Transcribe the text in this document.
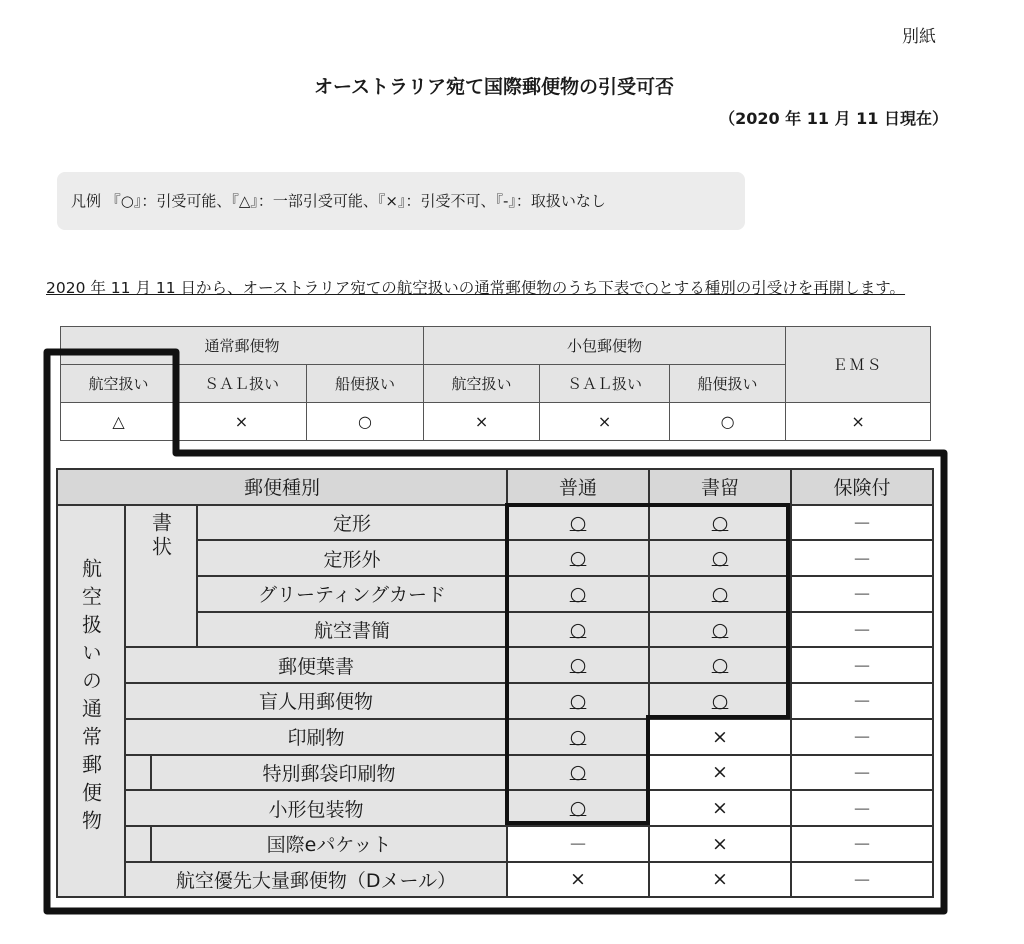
別紙
オーストラリア宛て国際郵便物の引受可否
（2020 年 11 月 11 日現在）
凡例 『○』：引受可能、『△』：一部引受可能、『×』：引受不可、『-』：取扱いなし
2020 年 11 月 11 日から、オーストラリア宛ての航空扱いの通常郵便物のうち下表で○とする種別の引受けを再開します。
通常郵便物			小包郵便物			ＥＭＳ
航空扱い	ＳＡＬ扱い	船便扱い	航空扱い	ＳＡＬ扱い	船便扱い	
△	×	○	×	×	○	×
郵便種別				普通	書留	保険付
航空扱いの通常郵便物	書状		定形	○	○	－
			定形外	○	○	－
			グリーティングカード	○	○	－
			航空書簡	○	○	－
	郵便葉書			○	○	－
	盲人用郵便物			○	○	－
	印刷物			○	×	－
		特別郵袋印刷物		○	×	－
	小形包装物			○	×	－
		国際eパケット		－	×	－
	航空優先大量郵便物（Dメール）			×	×	－
